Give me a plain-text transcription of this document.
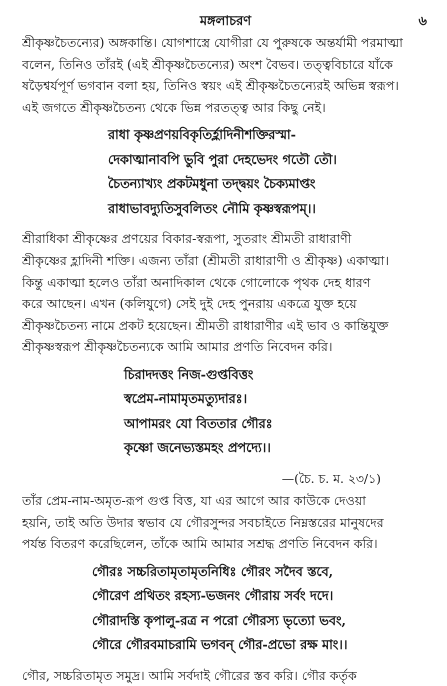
মঙ্গলাচরণ	৬
শ্রীকৃষ্ণচৈতন্যের) অঙ্গকান্তি। যোগশাস্ত্রে যোগীরা যে পুরুষকে অন্তর্যামী পরমাত্মা
বলেন, তিনিও তাঁরই (এই শ্রীকৃষ্ণচৈতন্যের) অংশ বৈভব। তত্ত্ববিচারে যাঁকে
ষড়ৈশ্বর্যপূর্ণ ভগবান বলা হয়, তিনিও স্বয়ং এই শ্রীকৃষ্ণচৈতন্যেরই অভিন্ন স্বরূপ।
এই জগতে শ্রীকৃষ্ণচৈতন্য থেকে ভিন্ন পরতত্ত্ব আর কিছু নেই।
রাধা কৃষ্ণপ্রণয়বিকৃতির্হ্লাদিনীশক্তিরস্মা-
দেকাত্মানাবপি ভুবি পুরা দেহভেদং গতৌ তৌ।
চৈতন্যাখ্যং প্রকটমধুনা তদ্দ্বয়ং চৈক্যমাপ্তং
রাধাভাবদ্যুতিসুবলিতং নৌমি কৃষ্ণস্বরূপম্।।
শ্রীরাধিকা শ্রীকৃষ্ণের প্রণয়ের বিকার-স্বরূপা, সুতরাং শ্রীমতী রাধারাণী
শ্রীকৃষ্ণের হ্লাদিনী শক্তি। এজন্য তাঁরা (শ্রীমতী রাধারাণী ও শ্রীকৃষ্ণ) একাত্মা।
কিন্তু একাত্মা হলেও তাঁরা অনাদিকাল থেকে গোলোকে পৃথক দেহ ধারণ
করে আছেন। এখন (কলিযুগে) সেই দুই দেহ পুনরায় একত্রে যুক্ত হয়ে
শ্রীকৃষ্ণচৈতন্য নামে প্রকট হয়েছেন। শ্রীমতী রাধারাণীর এই ভাব ও কান্তিযুক্ত
শ্রীকৃষ্ণস্বরূপ শ্রীকৃষ্ণচৈতন্যকে আমি আমার প্রণতি নিবেদন করি।
চিরাদদত্তং নিজ-গুপ্তবিত্তং
স্বপ্রেম-নামামৃতমত্যুদারঃ।
আপামরং যো বিততার গৌরঃ
কৃষ্ণো জনেভ্যস্তমহং প্রপদ্যে।।
—(চৈ. চ. ম. ২৩/১)
তাঁর প্রেম-নাম-অমৃত-রূপ গুপ্ত বিত্ত, যা এর আগে আর কাউকে দেওয়া
হয়নি, তাই অতি উদার স্বভাব যে গৌরসুন্দর সবচাইতে নিম্নস্তরের মানুষদের
পর্যন্ত বিতরণ করেছিলেন, তাঁকে আমি আমার সশ্রদ্ধ প্রণতি নিবেদন করি।
গৌরঃ সচ্চরিতামৃতামৃতনিধিঃ গৌরং সদৈব স্তবে,
গৌরেণ প্রথিতং রহস্য-ভজনং গৌরায় সর্বং দদে।
গৌরাদস্তি কৃপালু-রত্র ন পরো গৌরস্য ভৃত্যো ভবং,
গৌরে গৌরবমাচরামি ভগবন্ গৌর-প্রভো রক্ষ মাং।।
গৌর, সচ্চরিতামৃত সমুদ্র। আমি সর্বদাই গৌরের স্তব করি। গৌর কর্তৃক
